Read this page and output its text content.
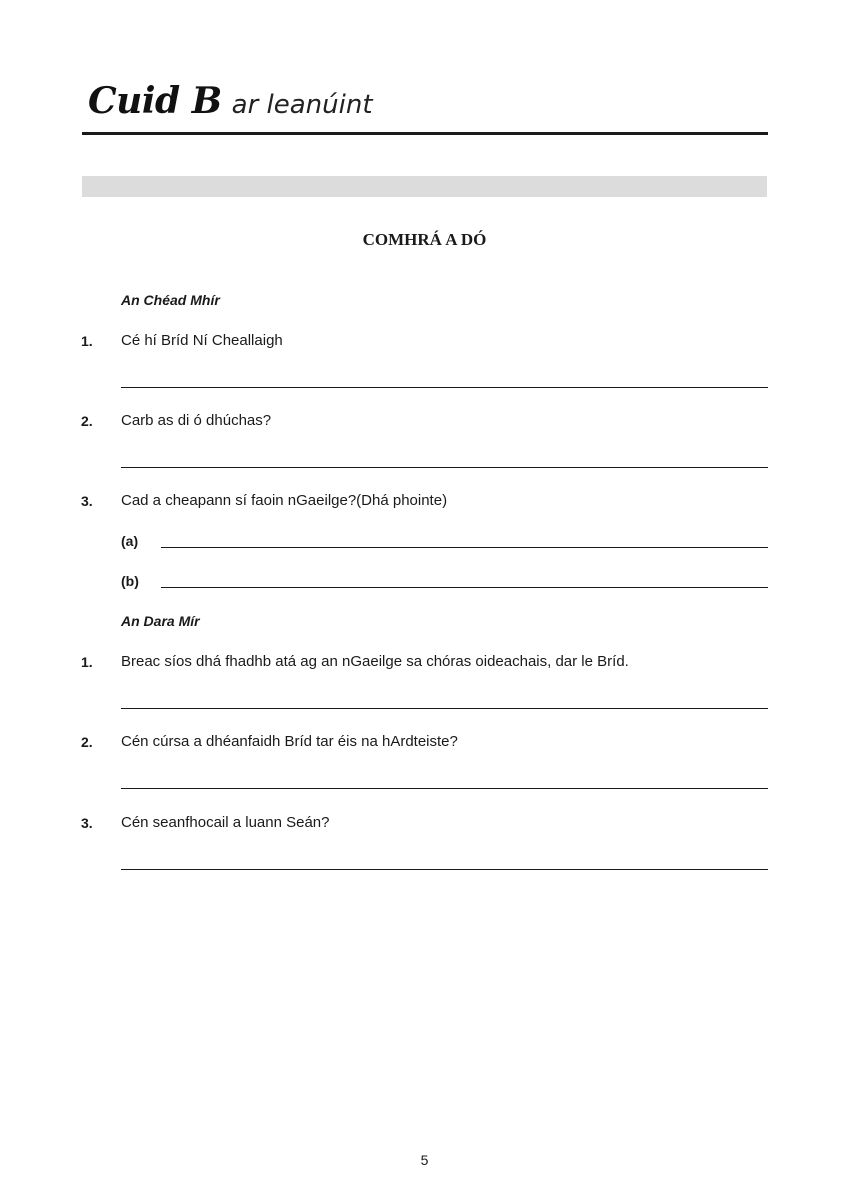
Cuid B ar leanúint
COMHRÁ A DÓ
An Chéad Mhír
1. Cé hí Bríd Ní Cheallaigh
2. Carb as di ó dhúchas?
3. Cad a cheapann sí faoin nGaeilge?(Dhá phointe)
(a)
(b)
An Dara Mír
1. Breac síos dhá fhadhb atá ag an nGaeilge sa chóras oideachais, dar le Bríd.
2. Cén cúrsa a dhéanfaidh Bríd tar éis na hArdteiste?
3. Cén seanfhocail a luann Seán?
5
